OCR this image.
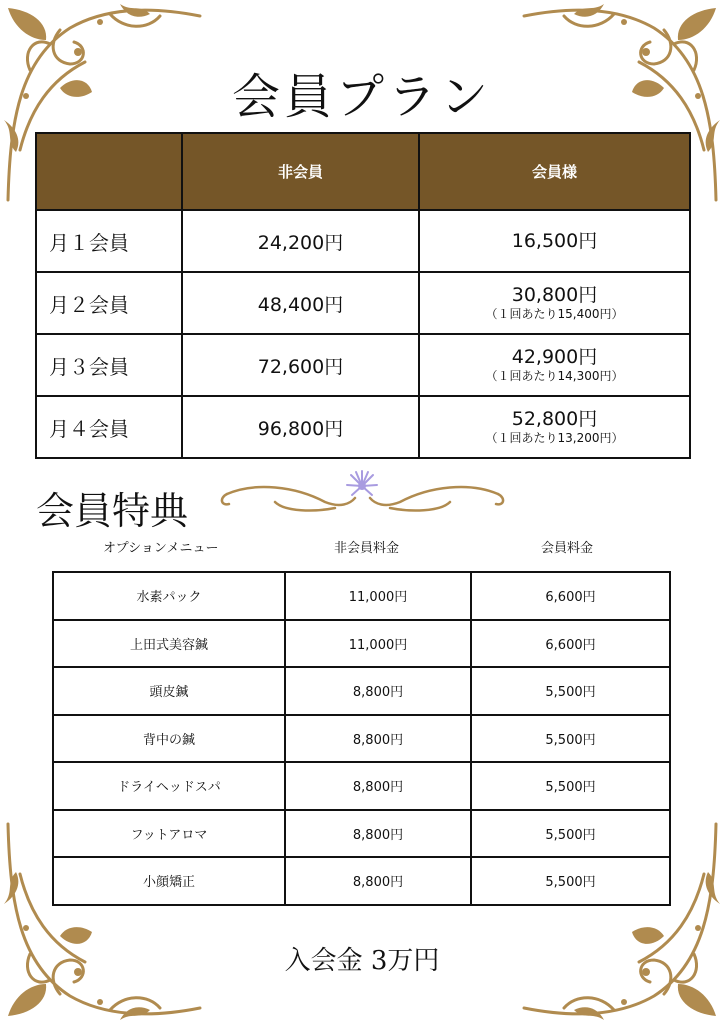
会員プラン
	非会員	会員様
月１会員	24,200円	16,500円

月２会員	48,400円	30,800円
（１回あたり15,400円）

月３会員	72,600円	42,900円
（１回あたり14,300円）

月４会員	96,800円	52,800円
（１回あたり13,200円）
会員特典
オプションメニュー	非会員料金	会員料金
水素パック	11,000円	6,600円
上田式美容鍼	11,000円	6,600円
頭皮鍼	8,800円	5,500円
背中の鍼	8,800円	5,500円
ドライヘッドスパ	8,800円	5,500円
フットアロマ	8,800円	5,500円
小顔矯正	8,800円	5,500円
入会金 3万円
